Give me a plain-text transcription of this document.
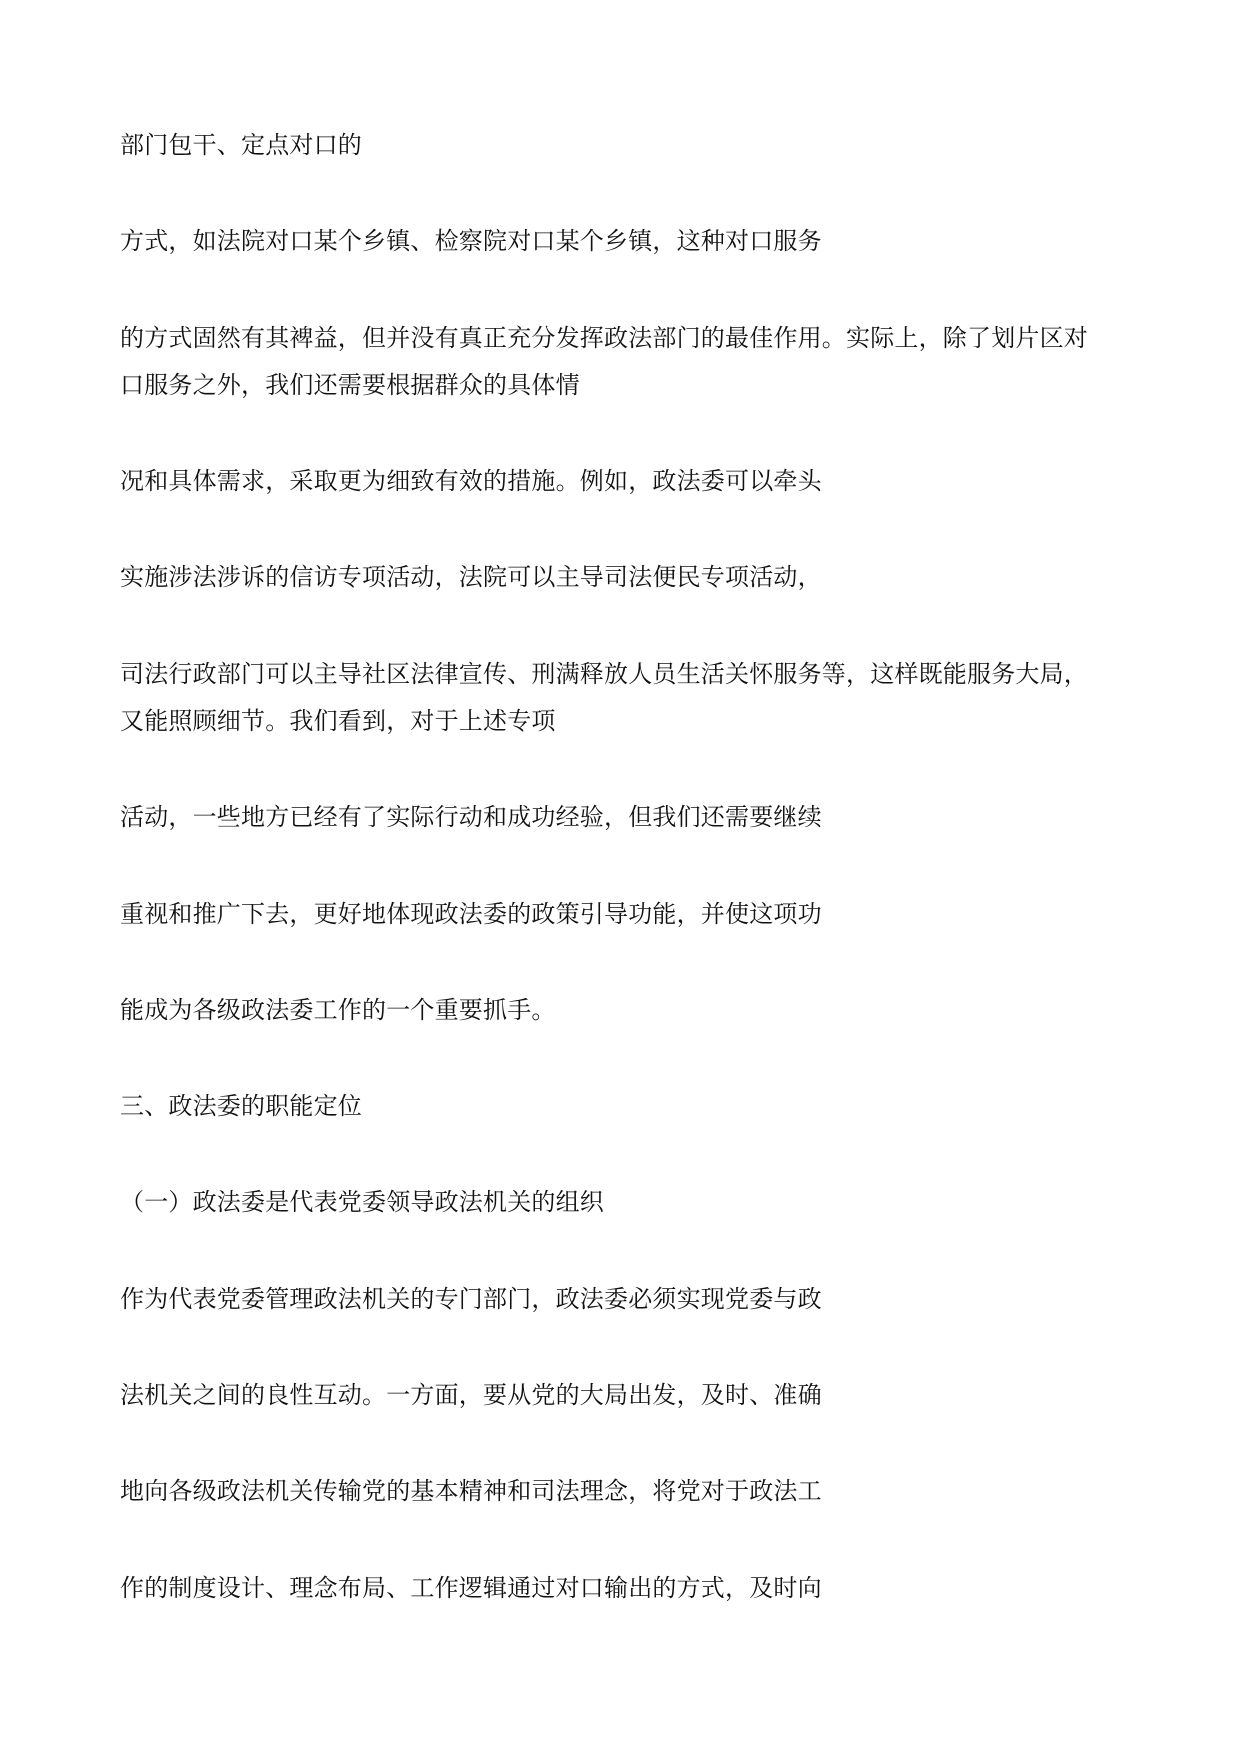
部门包干、定点对口的
方式，如法院对口某个乡镇、检察院对口某个乡镇，这种对口服务
的方式固然有其裨益，但并没有真正充分发挥政法部门的最佳作用。实际上，除了划片区对
口服务之外，我们还需要根据群众的具体情
况和具体需求，采取更为细致有效的措施。例如，政法委可以牵头
实施涉法涉诉的信访专项活动，法院可以主导司法便民专项活动，
司法行政部门可以主导社区法律宣传、刑满释放人员生活关怀服务等，这样既能服务大局，
又能照顾细节。我们看到，对于上述专项
活动，一些地方已经有了实际行动和成功经验，但我们还需要继续
重视和推广下去，更好地体现政法委的政策引导功能，并使这项功
能成为各级政法委工作的一个重要抓手。
三、政法委的职能定位
（一）政法委是代表党委领导政法机关的组织
作为代表党委管理政法机关的专门部门，政法委必须实现党委与政
法机关之间的良性互动。一方面，要从党的大局出发，及时、准确
地向各级政法机关传输党的基本精神和司法理念，将党对于政法工
作的制度设计、理念布局、工作逻辑通过对口输出的方式，及时向
